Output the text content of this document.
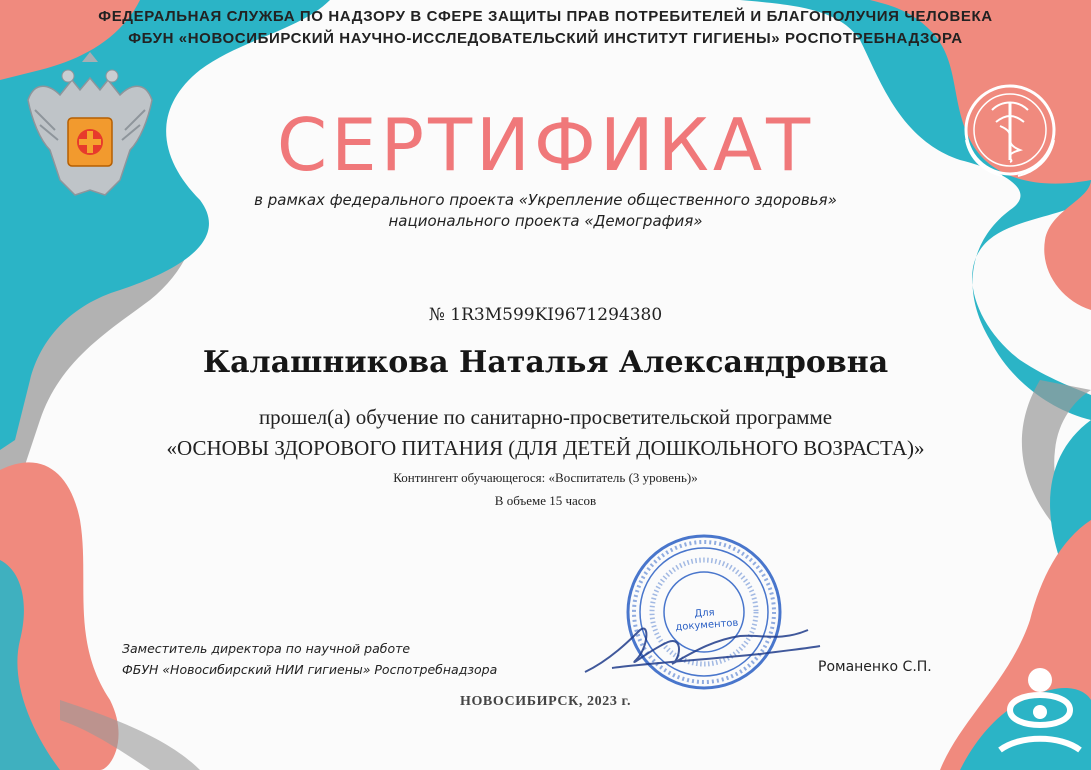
ФЕДЕРАЛЬНАЯ СЛУЖБА ПО НАДЗОРУ В СФЕРЕ ЗАЩИТЫ ПРАВ ПОТРЕБИТЕЛЕЙ И БЛАГОПОЛУЧИЯ ЧЕЛОВЕКА
ФБУН «НОВОСИБИРСКИЙ НАУЧНО-ИССЛЕДОВАТЕЛЬСКИЙ ИНСТИТУТ ГИГИЕНЫ» РОСПОТРЕБНАДЗОРА
СЕРТИФИКАТ
в рамках федерального проекта «Укрепление общественного здоровья»
национального проекта «Демография»
№ 1R3M599KI9671294380
Калашникова Наталья Александровна
прошел(а) обучение по санитарно-просветительской программе
«ОСНОВЫ ЗДОРОВОГО ПИТАНИЯ (ДЛЯ ДЕТЕЙ ДОШКОЛЬНОГО ВОЗРАСТА)»
Контингент обучающегося: «Воспитатель (3 уровень)»
В объеме 15 часов
Для
документов
Заместитель директора по научной работе
ФБУН «Новосибирский НИИ гигиены» Роспотребнадзора	Романенко С.П.
НОВОСИБИРСК, 2023 г.
